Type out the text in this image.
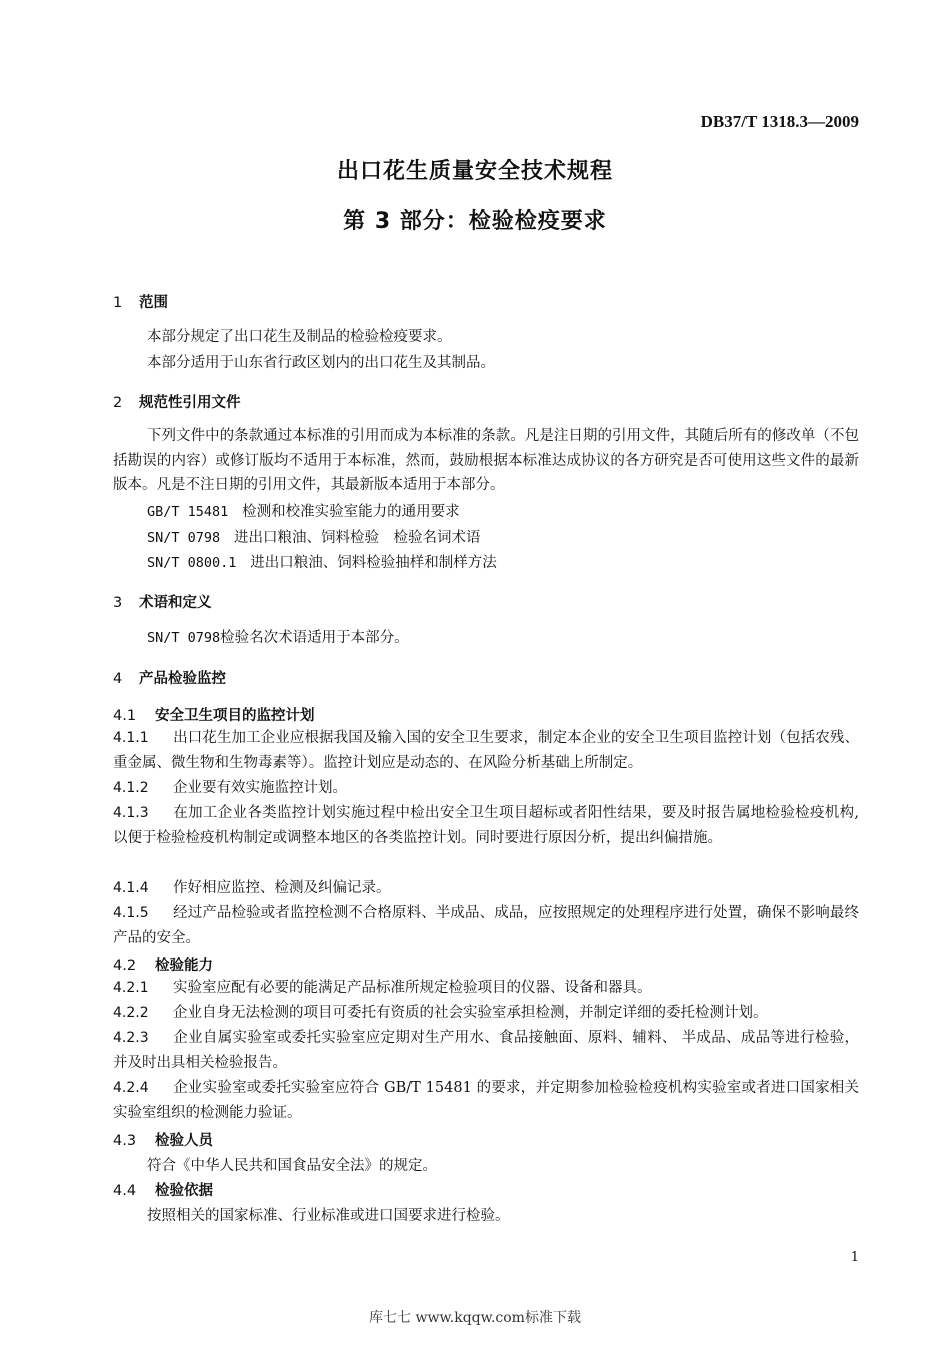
DB37/T 1318.3—2009
出口花生质量安全技术规程
第 3 部分：检验检疫要求
1 范围
本部分规定了出口花生及制品的检验检疫要求。
本部分适用于山东省行政区划内的出口花生及其制品。
2 规范性引用文件
下列文件中的条款通过本标准的引用而成为本标准的条款。凡是注日期的引用文件，其随后所有的修改单（不包括勘误的内容）或修订版均不适用于本标准，然而，鼓励根据本标准达成协议的各方研究是否可使用这些文件的最新版本。凡是不注日期的引用文件，其最新版本适用于本部分。
GB/T 15481 检测和校准实验室能力的通用要求
SN/T 0798 进出口粮油、饲料检验　检验名词术语
SN/T 0800.1 进出口粮油、饲料检验抽样和制样方法
3 术语和定义
SN/T 0798检验名次术语适用于本部分。
4 产品检验监控
4.1 安全卫生项目的监控计划
4.1.1 出口花生加工企业应根据我国及输入国的安全卫生要求，制定本企业的安全卫生项目监控计划（包括农残、重金属、微生物和生物毒素等）。监控计划应是动态的、在风险分析基础上所制定。
4.1.2 企业要有效实施监控计划。
4.1.3 在加工企业各类监控计划实施过程中检出安全卫生项目超标或者阳性结果，要及时报告属地检验检疫机构, 以便于检验检疫机构制定或调整本地区的各类监控计划。同时要进行原因分析，提出纠偏措施。
4.1.4 作好相应监控、检测及纠偏记录。
4.1.5 经过产品检验或者监控检测不合格原料、半成品、成品，应按照规定的处理程序进行处置，确保不影响最终产品的安全。
4.2 检验能力
4.2.1 实验室应配有必要的能满足产品标准所规定检验项目的仪器、设备和器具。
4.2.2 企业自身无法检测的项目可委托有资质的社会实验室承担检测，并制定详细的委托检测计划。
4.2.3 企业自属实验室或委托实验室应定期对生产用水、食品接触面、原料、辅料、 半成品、成品等进行检验，并及时出具相关检验报告。
4.2.4 企业实验室或委托实验室应符合 GB/T 15481 的要求，并定期参加检验检疫机构实验室或者进口国家相关实验室组织的检测能力验证。
4.3 检验人员
符合《中华人民共和国食品安全法》的规定。
4.4 检验依据
按照相关的国家标准、行业标准或进口国要求进行检验。
1
库七七 www.kqqw.com标准下载
